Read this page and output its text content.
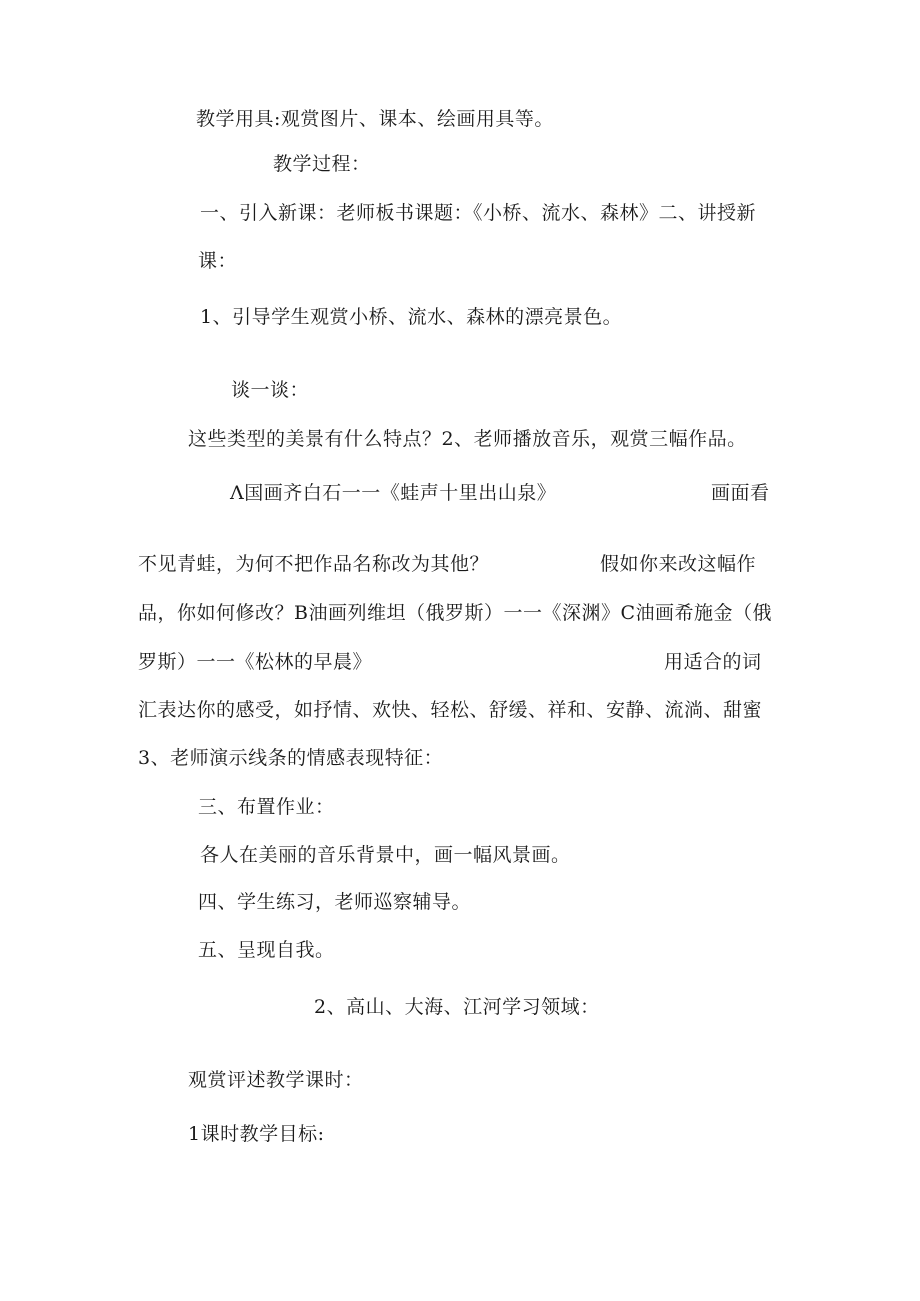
教学用具:观赏图片、课本、绘画用具等。
教学过程：
一、引入新课：老师板书课题：《小桥、流水、森林》二、讲授新
课：
1、引导学生观赏小桥、流水、森林的漂亮景色。
谈一谈：
这些类型的美景有什么特点？2、老师播放音乐，观赏三幅作品。
Λ国画齐白石一一《蛙声十里出山泉》	画面看
不见青蛙，为何不把作品名称改为其他？	假如你来改这幅作
品，你如何修改？B油画列维坦（俄罗斯）一一《深渊》C油画希施金（俄
罗斯）一一《松林的早晨》	用适合的词
汇表达你的感受，如抒情、欢快、轻松、舒缓、祥和、安静、流淌、甜蜜
3、老师演示线条的情感表现特征：
三、布置作业：
各人在美丽的音乐背景中，画一幅风景画。
四、学生练习，老师巡察辅导。
五、呈现自我。
2、高山、大海、江河学习领域：
观赏评述教学课时：
1课时教学目标:
